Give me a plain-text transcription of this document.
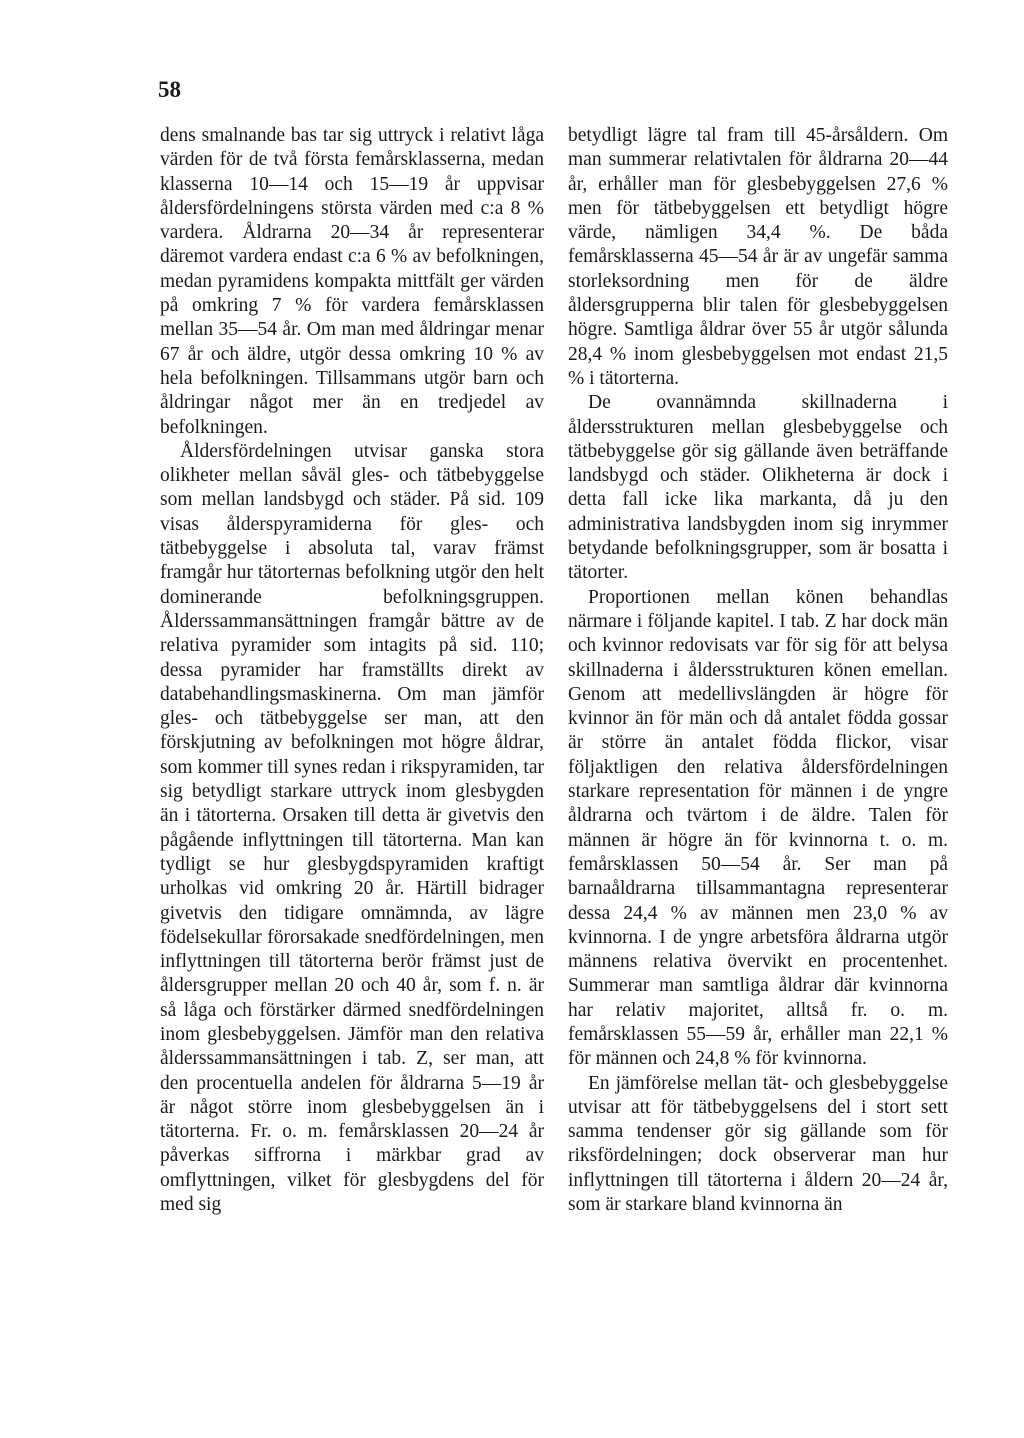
58

dens smalnande bas tar sig uttryck i relativt låga värden för de två första femårsklasserna, medan klasserna 10—14 och 15—19 år uppvisar åldersfördelningens största värden med c:a 8 % vardera. Åldrarna 20—34 år representerar däremot vardera endast c:a 6 % av befolkningen, medan pyramidens kompakta mittfält ger värden på omkring 7 % för vardera femårsklassen mellan 35—54 år. Om man med åldringar menar 67 år och äldre, utgör dessa omkring 10 % av hela befolkningen. Tillsammans utgör barn och åldringar något mer än en tredjedel av befolkningen.

Åldersfördelningen utvisar ganska stora olikheter mellan såväl gles- och tätbebyggelse som mellan landsbygd och städer. På sid. 109 visas ålderspyramiderna för gles- och tätbebyggelse i absoluta tal, varav främst framgår hur tätorternas befolkning utgör den helt dominerande befolkningsgruppen. Ålderssammansättningen framgår bättre av de relativa pyramider som intagits på sid. 110; dessa pyramider har framställts direkt av databehandlingsmaskinerna. Om man jämför gles- och tätbebyggelse ser man, att den förskjutning av befolkningen mot högre åldrar, som kommer till synes redan i rikspyramiden, tar sig betydligt starkare uttryck inom glesbygden än i tätorterna. Orsaken till detta är givetvis den pågående inflyttningen till tätorterna. Man kan tydligt se hur glesbygdspyramiden kraftigt urholkas vid omkring 20 år. Härtill bidrager givetvis den tidigare omnämnda, av lägre födelsekullar förorsakade snedfördelningen, men inflyttningen till tätorterna berör främst just de åldersgrupper mellan 20 och 40 år, som f. n. är så låga och förstärker därmed snedfördelningen inom glesbebyggelsen. Jämför man den relativa ålderssammansättningen i tab. Z, ser man, att den procentuella andelen för åldrarna 5—19 år är något större inom glesbebyggelsen än i tätorterna. Fr. o. m. femårsklassen 20—24 år påverkas siffrorna i märkbar grad av omflyttningen, vilket för glesbygdens del för med sig

betydligt lägre tal fram till 45-årsåldern. Om man summerar relativtalen för åldrarna 20—44 år, erhåller man för glesbebyggelsen 27,6 % men för tätbebyggelsen ett betydligt högre värde, nämligen 34,4 %. De båda femårsklasserna 45—54 år är av ungefär samma storleksordning men för de äldre åldersgrupperna blir talen för glesbebyggelsen högre. Samtliga åldrar över 55 år utgör sålunda 28,4 % inom glesbebyggelsen mot endast 21,5 % i tätorterna.

De ovannämnda skillnaderna i åldersstrukturen mellan glesbebyggelse och tätbebyggelse gör sig gällande även beträffande landsbygd och städer. Olikheterna är dock i detta fall icke lika markanta, då ju den administrativa landsbygden inom sig inrymmer betydande befolkningsgrupper, som är bosatta i tätorter.

Proportionen mellan könen behandlas närmare i följande kapitel. I tab. Z har dock män och kvinnor redovisats var för sig för att belysa skillnaderna i åldersstrukturen könen emellan. Genom att medellivslängden är högre för kvinnor än för män och då antalet födda gossar är större än antalet födda flickor, visar följaktligen den relativa åldersfördelningen starkare representation för männen i de yngre åldrarna och tvärtom i de äldre. Talen för männen är högre än för kvinnorna t. o. m. femårsklassen 50—54 år. Ser man på barnaåldrarna tillsammantagna representerar dessa 24,4 % av männen men 23,0 % av kvinnorna. I de yngre arbetsföra åldrarna utgör männens relativa övervikt en procentenhet. Summerar man samtliga åldrar där kvinnorna har relativ majoritet, alltså fr. o. m. femårsklassen 55—59 år, erhåller man 22,1 % för männen och 24,8 % för kvinnorna.

En jämförelse mellan tät- och glesbebyggelse utvisar att för tätbebyggelsens del i stort sett samma tendenser gör sig gällande som för riksfördelningen; dock observerar man hur inflyttningen till tätorterna i åldern 20—24 år, som är starkare bland kvinnorna än
